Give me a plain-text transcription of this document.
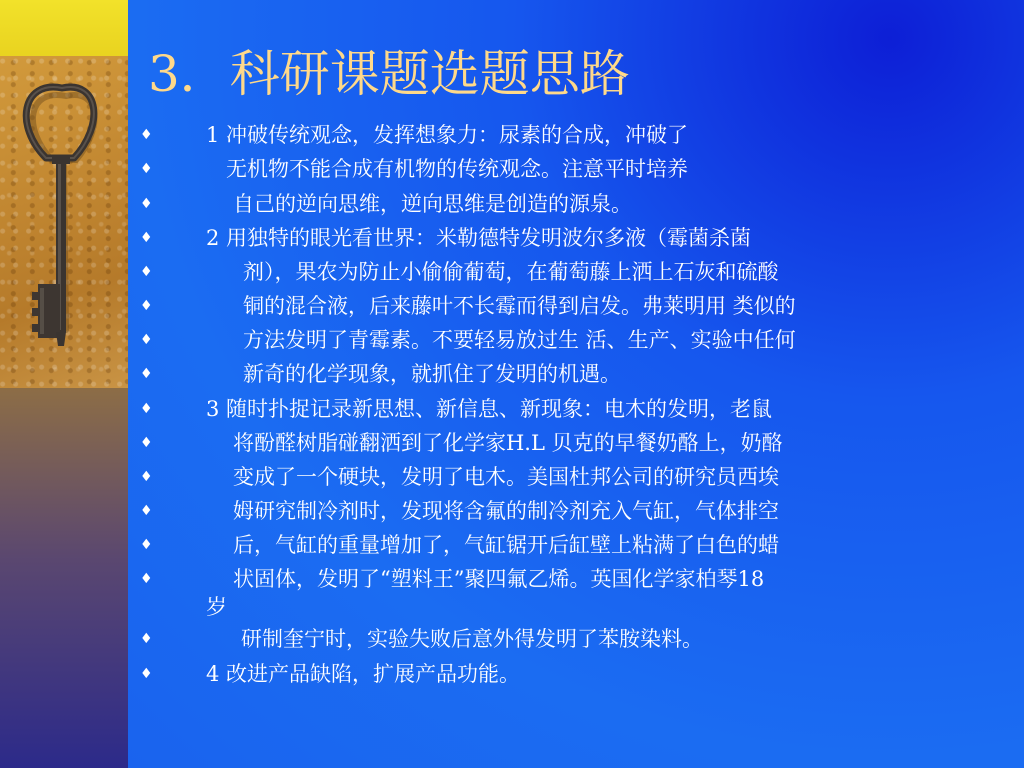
3．科研课题选题思路
♦	1 冲破传统观念，发挥想象力：尿素的合成，冲破了
♦	无机物不能合成有机物的传统观念。注意平时培养
♦	自己的逆向思维，逆向思维是创造的源泉。
♦	2 用独特的眼光看世界：米勒德特发明波尔多液（霉菌杀菌
♦	剂），果农为防止小偷偷葡萄，在葡萄藤上洒上石灰和硫酸
♦	铜的混合液，后来藤叶不长霉而得到启发。弗莱明用 类似的
♦	方法发明了青霉素。不要轻易放过生 活、生产、实验中任何
♦	新奇的化学现象，就抓住了发明的机遇。
♦	3 随时扑捉记录新思想、新信息、新现象：电木的发明，老鼠
♦	将酚醛树脂碰翻洒到了化学家H.L 贝克的早餐奶酪上，奶酪
♦	变成了一个硬块，发明了电木。美国杜邦公司的研究员西埃
♦	姆研究制冷剂时，发现将含氟的制冷剂充入气缸，气体排空
♦	后，气缸的重量增加了，气缸锯开后缸壁上粘满了白色的蜡
♦	状固体，发明了“塑料王”聚四氟乙烯。英国化学家柏琴18
岁
♦	研制奎宁时，实验失败后意外得发明了苯胺染料。
♦	4 改进产品缺陷，扩展产品功能。
